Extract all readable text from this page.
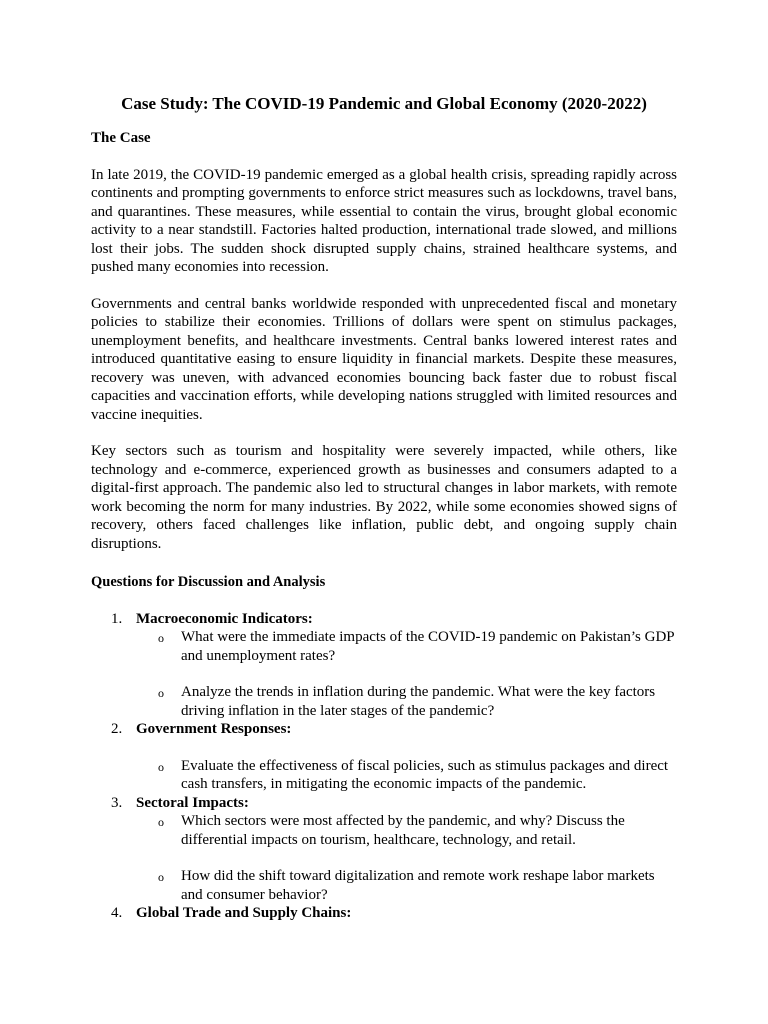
Case Study: The COVID-19 Pandemic and Global Economy (2020-2022)
The Case

In late 2019, the COVID-19 pandemic emerged as a global health crisis, spreading rapidly across continents and prompting governments to enforce strict measures such as lockdowns, travel bans, and quarantines. These measures, while essential to contain the virus, brought global economic activity to a near standstill. Factories halted production, international trade slowed, and millions lost their jobs. The sudden shock disrupted supply chains, strained healthcare systems, and pushed many economies into recession.

Governments and central banks worldwide responded with unprecedented fiscal and monetary policies to stabilize their economies. Trillions of dollars were spent on stimulus packages, unemployment benefits, and healthcare investments. Central banks lowered interest rates and introduced quantitative easing to ensure liquidity in financial markets. Despite these measures, recovery was uneven, with advanced economies bouncing back faster due to robust fiscal capacities and vaccination efforts, while developing nations struggled with limited resources and vaccine inequities.

Key sectors such as tourism and hospitality were severely impacted, while others, like technology and e-commerce, experienced growth as businesses and consumers adapted to a digital-first approach. The pandemic also led to structural changes in labor markets, with remote work becoming the norm for many industries. By 2022, while some economies showed signs of recovery, others faced challenges like inflation, public debt, and ongoing supply chain disruptions.

Questions for Discussion and Analysis
1. Macroeconomic Indicators:
o What were the immediate impacts of the COVID-19 pandemic on Pakistan’s GDP and unemployment rates?
o Analyze the trends in inflation during the pandemic. What were the key factors driving inflation in the later stages of the pandemic?
2. Government Responses:
o Evaluate the effectiveness of fiscal policies, such as stimulus packages and direct cash transfers, in mitigating the economic impacts of the pandemic.
3. Sectoral Impacts:
o Which sectors were most affected by the pandemic, and why? Discuss the differential impacts on tourism, healthcare, technology, and retail.
o How did the shift toward digitalization and remote work reshape labor markets and consumer behavior?
4. Global Trade and Supply Chains:
